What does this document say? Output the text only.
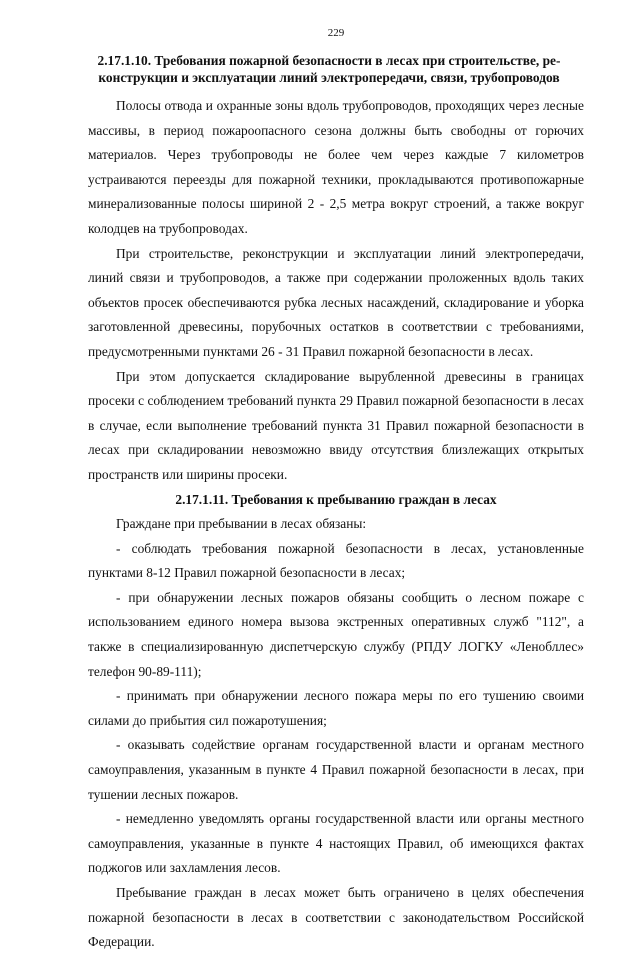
229
2.17.1.10. Требования пожарной безопасности в лесах при строительстве, реконструкции и эксплуатации линий электропередачи, связи, трубопроводов

Полосы отвода и охранные зоны вдоль трубопроводов, проходящих через лесные массивы, в период пожароопасного сезона должны быть свободны от горючих материалов. Через трубопроводы не более чем через каждые 7 километров устраиваются переезды для пожарной техники, прокладываются противопожарные минерализованные полосы шириной 2 - 2,5 метра вокруг строений, а также вокруг колодцев на трубопроводах.

При строительстве, реконструкции и эксплуатации линий электропередачи, линий связи и трубопроводов, а также при содержании проложенных вдоль таких объектов просек обеспечиваются рубка лесных насаждений, складирование и уборка заготовленной древесины, порубочных остатков в соответствии с требованиями, предусмотренными пунктами 26 - 31 Правил пожарной безопасности в лесах.

При этом допускается складирование вырубленной древесины в границах просеки с соблюдением требований пункта 29 Правил пожарной безопасности в лесах в случае, если выполнение требований пункта 31 Правил пожарной безопасности в лесах при складировании невозможно ввиду отсутствия близлежащих открытых пространств или ширины просеки.

2.17.1.11. Требования к пребыванию граждан в лесах

Граждане при пребывании в лесах обязаны:

- соблюдать требования пожарной безопасности в лесах, установленные пунктами 8-12 Правил пожарной безопасности в лесах;

- при обнаружении лесных пожаров обязаны сообщить о лесном пожаре с использованием единого номера вызова экстренных оперативных служб "112", а также в специализированную диспетчерскую службу (РПДУ ЛОГКУ «Ленобллес» телефон 90-89-111);

- принимать при обнаружении лесного пожара меры по его тушению своими силами до прибытия сил пожаротушения;

- оказывать содействие органам государственной власти и органам местного самоуправления, указанным в пункте 4 Правил пожарной безопасности в лесах, при тушении лесных пожаров.

- немедленно уведомлять органы государственной власти или органы местного самоуправления, указанные в пункте 4 настоящих Правил, об имеющихся фактах поджогов или захламления лесов.

Пребывание граждан в лесах может быть ограничено в целях обеспечения пожарной безопасности в лесах в соответствии с законодательством Российской Федерации.
